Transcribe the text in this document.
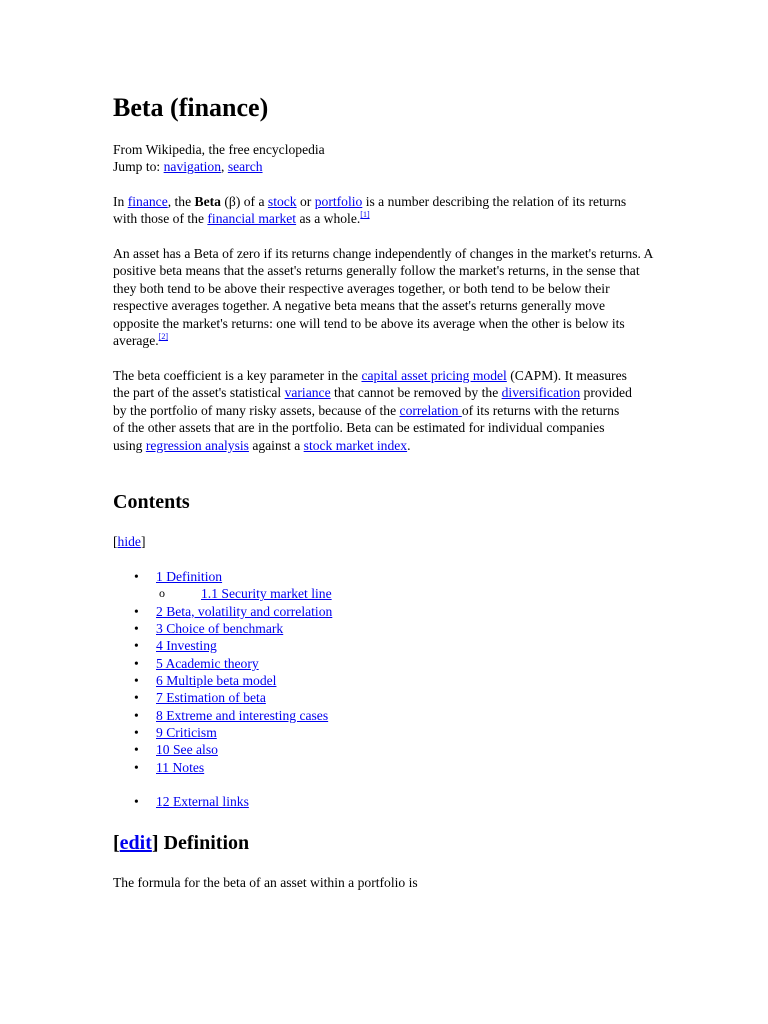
Beta (finance)
From Wikipedia, the free encyclopedia
Jump to: navigation, search

In finance, the Beta (β) of a stock or portfolio is a number describing the relation of its returns with those of the financial market as a whole.[1]

An asset has a Beta of zero if its returns change independently of changes in the market's returns. A positive beta means that the asset's returns generally follow the market's returns, in the sense that they both tend to be above their respective averages together, or both tend to be below their respective averages together. A negative beta means that the asset's returns generally move opposite the market's returns: one will tend to be above its average when the other is below its average.[2]

The beta coefficient is a key parameter in the capital asset pricing model (CAPM). It measures the part of the asset's statistical variance that cannot be removed by the diversification provided by the portfolio of many risky assets, because of the correlation of its returns with the returns of the other assets that are in the portfolio. Beta can be estimated for individual companies using regression analysis against a stock market index.

Contents
[hide]
• 1 Definition
o 1.1 Security market line
• 2 Beta, volatility and correlation
• 3 Choice of benchmark
• 4 Investing
• 5 Academic theory
• 6 Multiple beta model
• 7 Estimation of beta
• 8 Extreme and interesting cases
• 9 Criticism
• 10 See also
• 11 Notes
• 12 External links
[edit] Definition

The formula for the beta of an asset within a portfolio is
